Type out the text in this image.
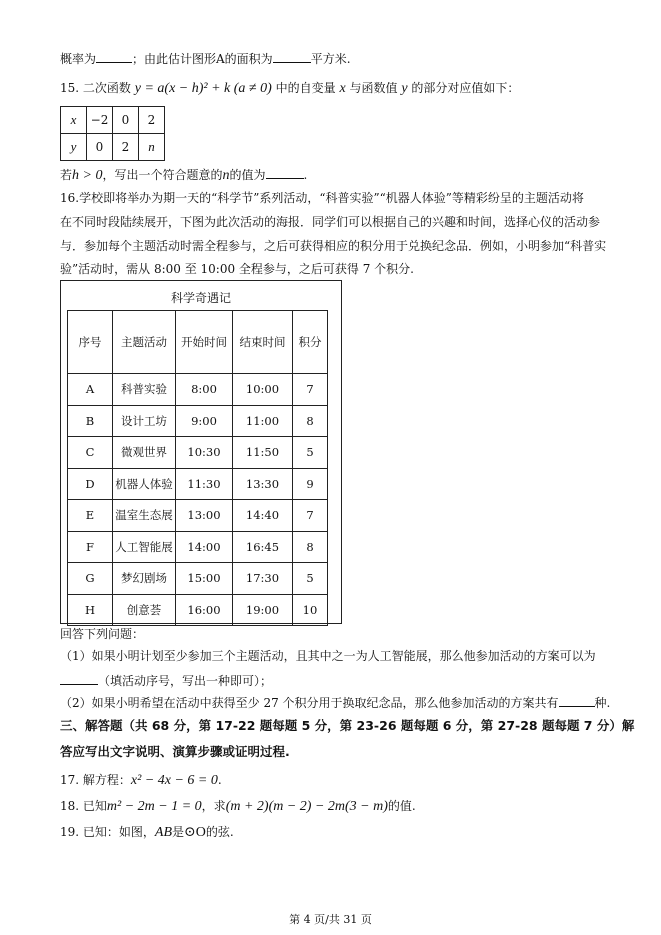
概率为	；由此估计图形A的面积为	平方米.
15. 二次函数 y = a(x − h)² + k (a ≠ 0) 中的自变量 x 与函数值 y 的部分对应值如下：
x	−2	0	2
y	0	2	n
若h > 0，写出一个符合题意的n的值为	.
16.学校即将举办为期一天的“科学节”系列活动，“科普实验”“机器人体验”等精彩纷呈的主题活动将
在不同时段陆续展开，下图为此次活动的海报．同学们可以根据自己的兴趣和时间，选择心仪的活动参
与．参加每个主题活动时需全程参与，之后可获得相应的积分用于兑换纪念品．例如，小明参加“科普实
验”活动时，需从 8:00 至 10:00 全程参与，之后可获得 7 个积分.
科学奇遇记
序号	主题活动	开始时间	结束时间	积分
A	科普实验	8:00	10:00	7
B	设计工坊	9:00	11:00	8
C	微观世界	10:30	11:50	5
D	机器人体验	11:30	13:30	9
E	温室生态展	13:00	14:40	7
F	人工智能展	14:00	16:45	8
G	梦幻剧场	15:00	17:30	5
H	创意荟	16:00	19:00	10
回答下列问题：
（1）如果小明计划至少参加三个主题活动，且其中之一为人工智能展，那么他参加活动的方案可以为
（填活动序号，写出一种即可）；
（2）如果小明希望在活动中获得至少 27 个积分用于换取纪念品，那么他参加活动的方案共有	种.
三、解答题（共 68 分，第 17-22 题每题 5 分，第 23-26 题每题 6 分，第 27-28 题每题 7 分）解
答应写出文字说明、演算步骤或证明过程.
17. 解方程：x² − 4x − 6 = 0.
18. 已知m² − 2m − 1 = 0，求(m + 2)(m − 2) − 2m(3 − m)的值.
19. 已知：如图，AB是⊙O的弦.
第 4 页/共 31 页
